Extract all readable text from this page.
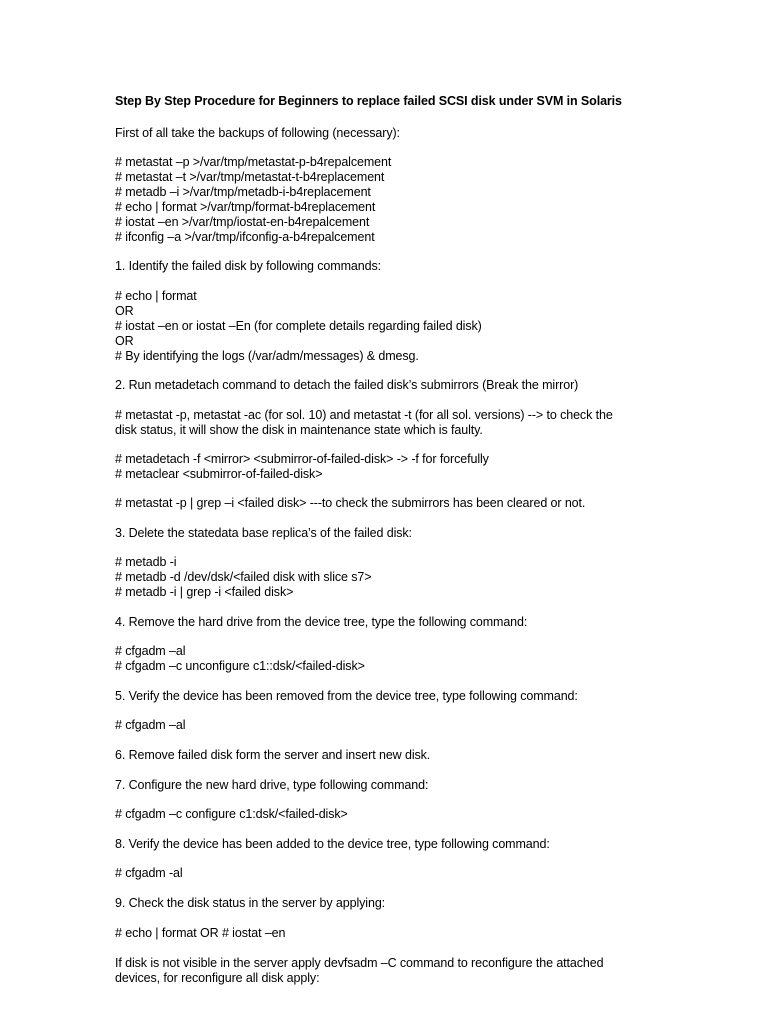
Step By Step Procedure for Beginners to replace failed SCSI disk under SVM in Solaris
First of all take the backups of following (necessary):
# metastat –p >/var/tmp/metastat-p-b4repalcement
# metastat –t >/var/tmp/metastat-t-b4replacement
# metadb –i >/var/tmp/metadb-i-b4replacement
# echo | format >/var/tmp/format-b4replacement
# iostat –en >/var/tmp/iostat-en-b4repalcement
# ifconfig –a >/var/tmp/ifconfig-a-b4repalcement
1. Identify the failed disk by following commands:
# echo | format
OR
# iostat –en or iostat –En (for complete details regarding failed disk)
OR
# By identifying the logs (/var/adm/messages) & dmesg.
2. Run metadetach command to detach the failed disk’s submirrors (Break the mirror)
# metastat -p, metastat -ac (for sol. 10) and metastat -t (for all sol. versions) --> to check the
disk status, it will show the disk in maintenance state which is faulty.
# metadetach -f <mirror> <submirror-of-failed-disk> -> -f for forcefully
# metaclear <submirror-of-failed-disk>
# metastat -p | grep –i <failed disk> ---to check the submirrors has been cleared or not.
3. Delete the statedata base replica’s of the failed disk:
# metadb -i
# metadb -d /dev/dsk/<failed disk with slice s7>
# metadb -i | grep -i <failed disk>
4. Remove the hard drive from the device tree, type the following command:
# cfgadm –al
# cfgadm –c unconfigure c1::dsk/<failed-disk>
5. Verify the device has been removed from the device tree, type following command:
# cfgadm –al
6. Remove failed disk form the server and insert new disk.
7. Configure the new hard drive, type following command:
# cfgadm –c configure c1:dsk/<failed-disk>
8. Verify the device has been added to the device tree, type following command:
# cfgadm -al
9. Check the disk status in the server by applying:
# echo | format OR # iostat –en
If disk is not visible in the server apply devfsadm –C command to reconfigure the attached
devices, for reconfigure all disk apply:
